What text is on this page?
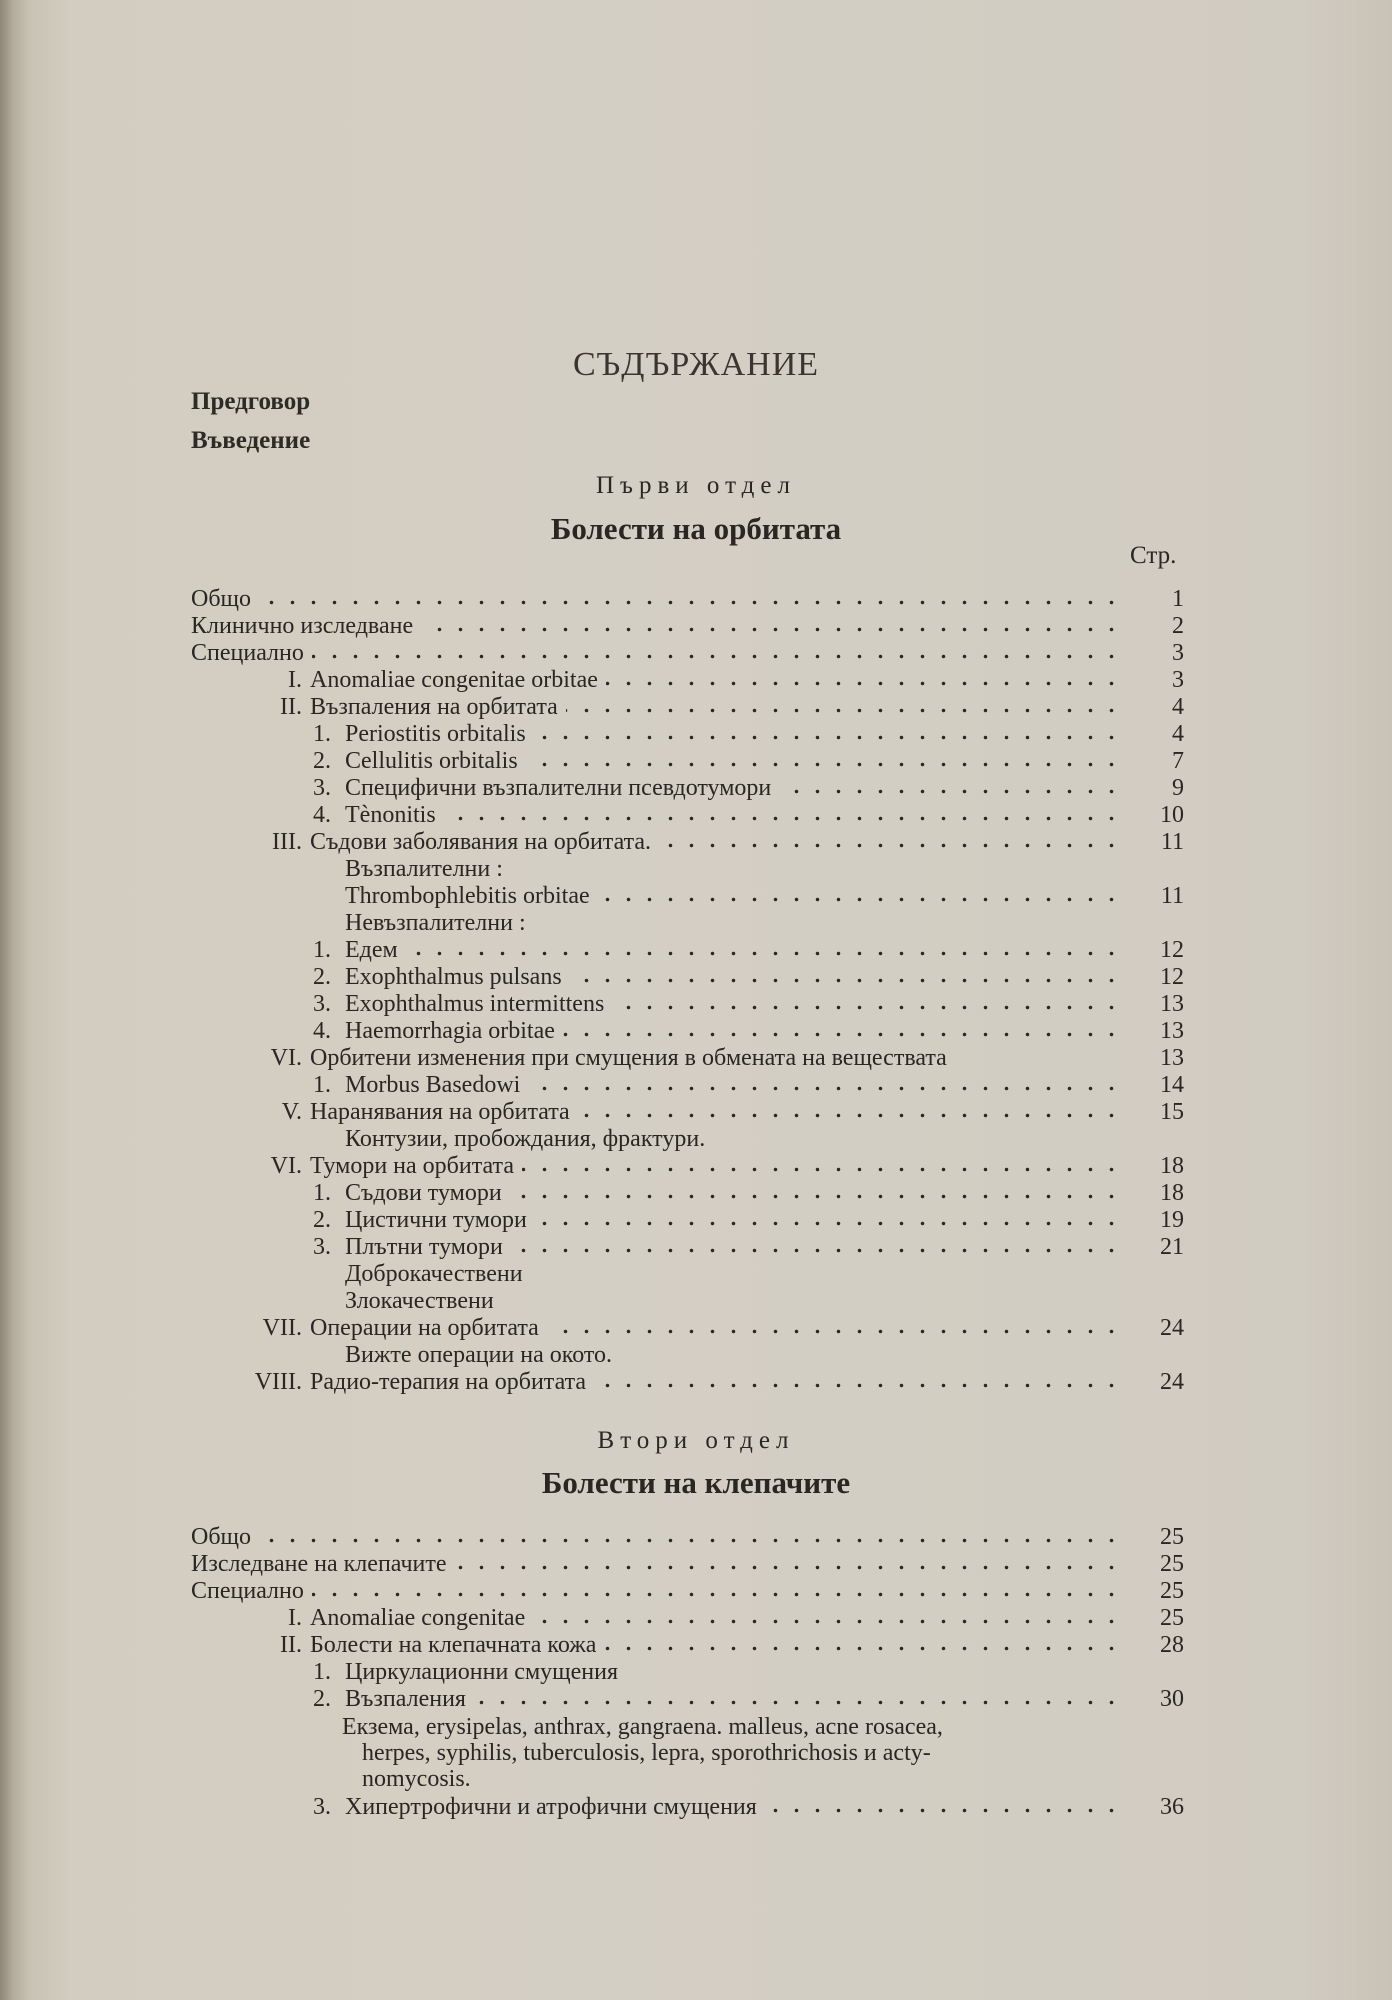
СЪДЪРЖАНИЕ
Предговор
Въведение
Първи отдел
Болести на орбитата
Стр.
Общо	1
Клинично изследване	2
Специално	3
I. Anomaliae congenitae orbitae	3
II. Възпаления на орбитата	4
1. Periostitis orbitalis	4
2. Cellulitis orbitalis	7
3. Специфични възпалителни псевдотумори	9
4. Tènonitis	10
III. Съдови заболявания на орбитата.	11
Възпалителни :
Thrombophlebitis orbitae	11
Невъзпалителни :
1. Едем	12
2. Exophthalmus pulsans	12
3. Exophthalmus intermittens	13
4. Haemorrhagia orbitae	13
VI. Орбитени изменения при смущения в обмената на веществата	13
1. Morbus Basedowi	14
V. Наранявания на орбитата	15
Контузии, пробождания, фрактури.
VI. Тумори на орбитата	18
1. Съдови тумори	18
2. Цистични тумори	19
3. Плътни тумори	21
Доброкачествени
Злокачествени
VII. Операции на орбитата	24
Вижте операции на окото.
VIII. Радио-терапия на орбитата	24
Втори отдел
Болести на клепачите
Общо	25
Изследване на клепачите	25
Специално	25
I. Anomaliae congenitae	25
II. Болести на клепачната кожа	28
1. Циркулационни смущения
2. Възпаления	30
Екзема, erysipelas, anthrax, gangraena. malleus, acne rosacea,
herpes, syphilis, tuberculosis, lepra, sporothrichosis и acty-
nomycosis.
3. Хипертрофични и атрофични смущения	36
